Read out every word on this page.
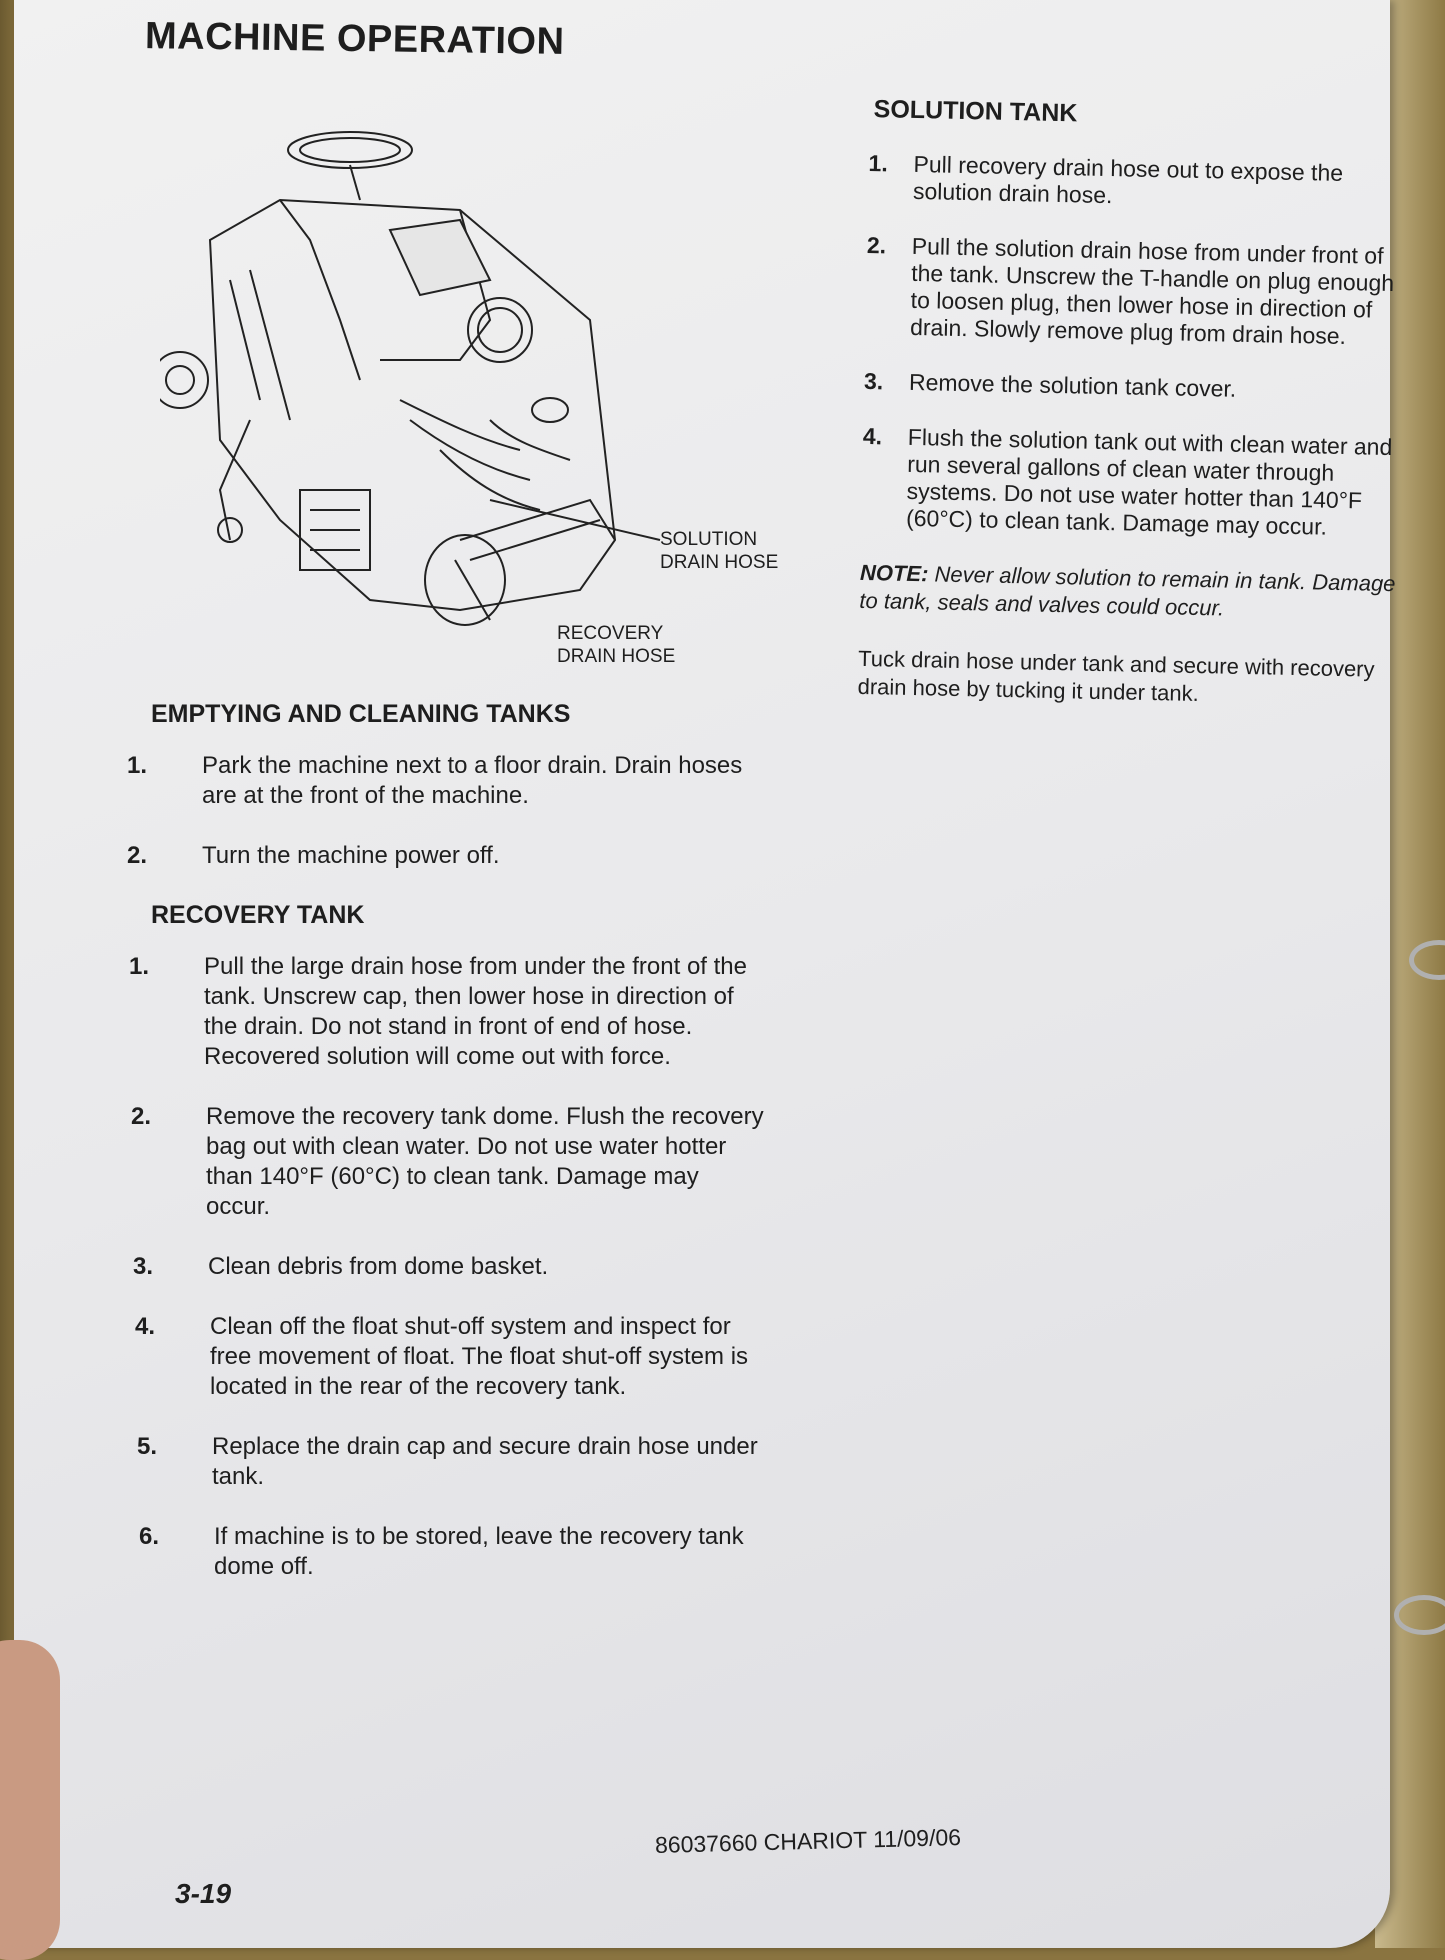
MACHINE OPERATION
SOLUTION
DRAIN HOSE
RECOVERY
DRAIN HOSE
EMPTYING AND CLEANING TANKS
1.	Park the machine next to a floor drain. Drain hoses are at the front of the machine.
2.	Turn the machine power off.
RECOVERY TANK
1.	Pull the large drain hose from under the front of the tank. Unscrew cap, then lower hose in direction of the drain. Do not stand in front of end of hose. Recovered solution will come out with force.
2.	Remove the recovery tank dome. Flush the recovery bag out with clean water. Do not use water hotter than 140°F (60°C) to clean tank. Damage may occur.
3.	Clean debris from dome basket.
4.	Clean off the float shut-off system and inspect for free movement of float. The float shut-off system is located in the rear of the recovery tank.
5.	Replace the drain cap and secure drain hose under tank.
6.	If machine is to be stored, leave the recovery tank dome off.
SOLUTION TANK
1.	Pull recovery drain hose out to expose the solution drain hose.
2.	Pull the solution drain hose from under front of the tank. Unscrew the T-handle on plug enough to loosen plug, then lower hose in direction of drain. Slowly remove plug from drain hose.
3.	Remove the solution tank cover.
4.	Flush the solution tank out with clean water and run several gallons of clean water through systems. Do not use water hotter than 140°F (60°C) to clean tank. Damage may occur.
NOTE: Never allow solution to remain in tank. Damage to tank, seals and valves could occur.
Tuck drain hose under tank and secure with recovery drain hose by tucking it under tank.
86037660 CHARIOT 11/09/06
3-19
